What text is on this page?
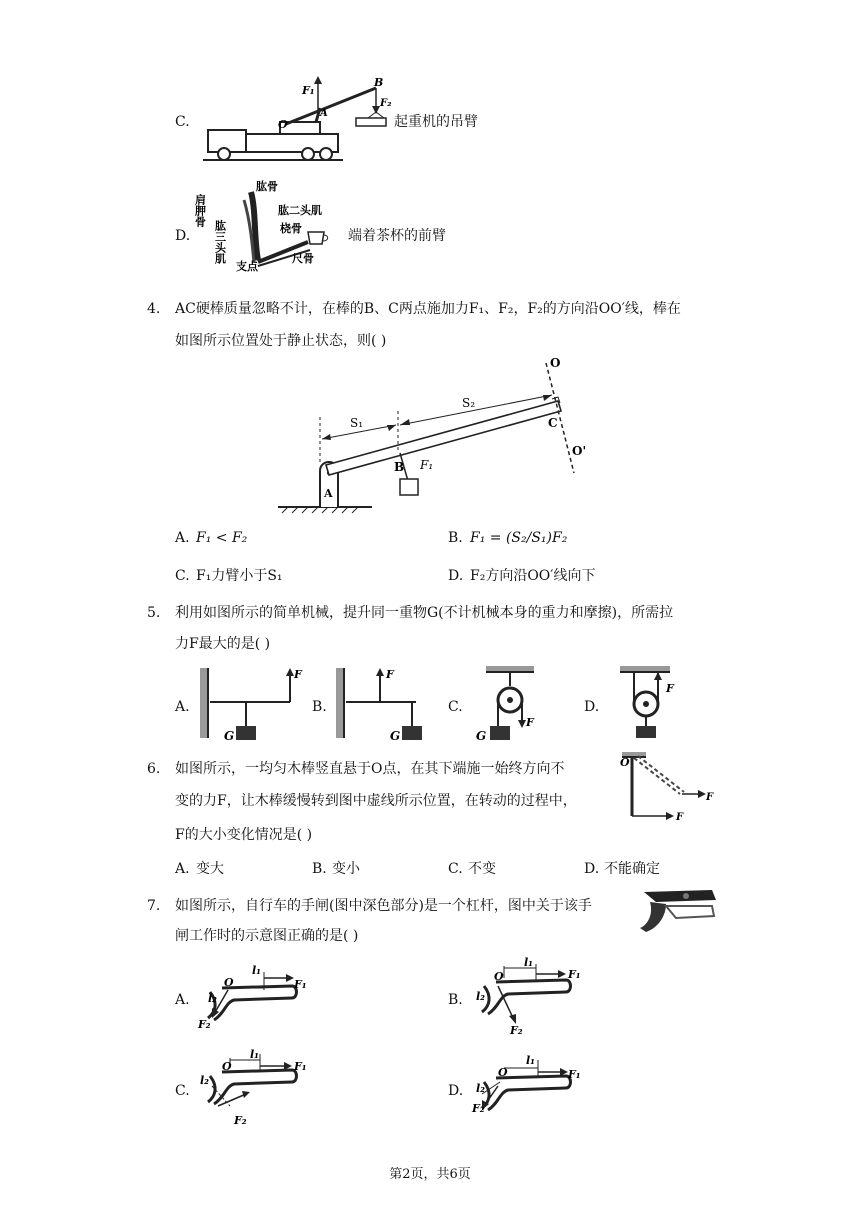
C.
F₁
B
F₂
O
A
起重机的吊臂
D.
肩胛骨
肱骨
肱二头肌
肱三头肌	桡骨
尺骨
支点
端着茶杯的前臂
4. AC硬棒质量忽略不计，在棒的B、C两点施加力F₁、F₂，F₂的方向沿OO′线，棒在
如图所示位置处于静止状态，则( )
O
S₁
S₂
C
B F₁
O'
A
A. F₁ < F₂	B. F₁ = (S₂/S₁)F₂
C. F₁力臂小于S₁	D. F₂方向沿OO′线向下
5. 利用如图所示的简单机械，提升同一重物G(不计机械本身的重力和摩擦)，所需拉
力F最大的是( )
A.
F
G
B.
F
G
C.
F
G
D.
F
6. 如图所示，一均匀木棒竖直悬于O点，在其下端施一始终方向不
变的力F，让木棒缓慢转到图中虚线所示位置，在转动的过程中，
F的大小变化情况是( )
O
F
F
A. 变大	B. 变小	C. 不变	D. 不能确定
7. 如图所示，自行车的手闸(图中深色部分)是一个杠杆，图中关于该手
闸工作时的示意图正确的是( )
A.
O
l₁
l₂
F₁
F₂
B.
O
l₁
l₂
F₁
F₂
C.
O
l₁
l₂
F₁
F₂
D.
O
l₁
l₂
F₁
F₂
第2页，共6页
